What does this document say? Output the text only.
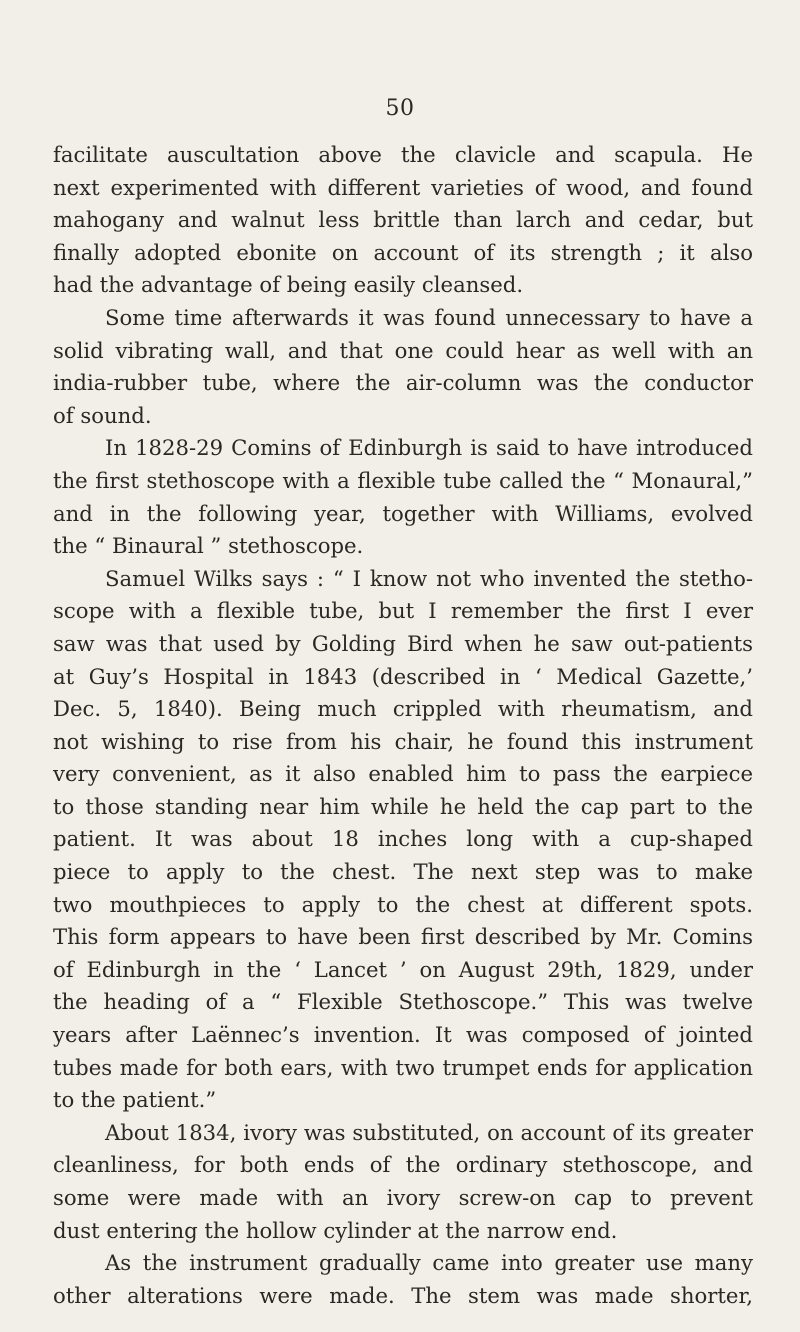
50
facilitate auscultation above the clavicle and scapula. He
next experimented with different varieties of wood, and found
mahogany and walnut less brittle than larch and cedar, but
finally adopted ebonite on account of its strength ; it also
had the advantage of being easily cleansed.
Some time afterwards it was found unnecessary to have a
solid vibrating wall, and that one could hear as well with an
india-rubber tube, where the air-column was the conductor
of sound.
In 1828-29 Comins of Edinburgh is said to have introduced
the first stethoscope with a flexible tube called the “ Monaural,”
and in the following year, together with Williams, evolved
the “ Binaural ” stethoscope.
Samuel Wilks says : “ I know not who invented the stetho-
scope with a flexible tube, but I remember the first I ever
saw was that used by Golding Bird when he saw out-patients
at Guy’s Hospital in 1843 (described in ‘ Medical Gazette,’
Dec. 5, 1840). Being much crippled with rheumatism, and
not wishing to rise from his chair, he found this instrument
very convenient, as it also enabled him to pass the earpiece
to those standing near him while he held the cap part to the
patient. It was about 18 inches long with a cup-shaped
piece to apply to the chest. The next step was to make
two mouthpieces to apply to the chest at different spots.
This form appears to have been first described by Mr. Comins
of Edinburgh in the ‘ Lancet ’ on August 29th, 1829, under
the heading of a “ Flexible Stethoscope.” This was twelve
years after Laënnec’s invention. It was composed of jointed
tubes made for both ears, with two trumpet ends for application
to the patient.”
About 1834, ivory was substituted, on account of its greater
cleanliness, for both ends of the ordinary stethoscope, and
some were made with an ivory screw-on cap to prevent
dust entering the hollow cylinder at the narrow end.
As the instrument gradually came into greater use many
other alterations were made. The stem was made shorter,
